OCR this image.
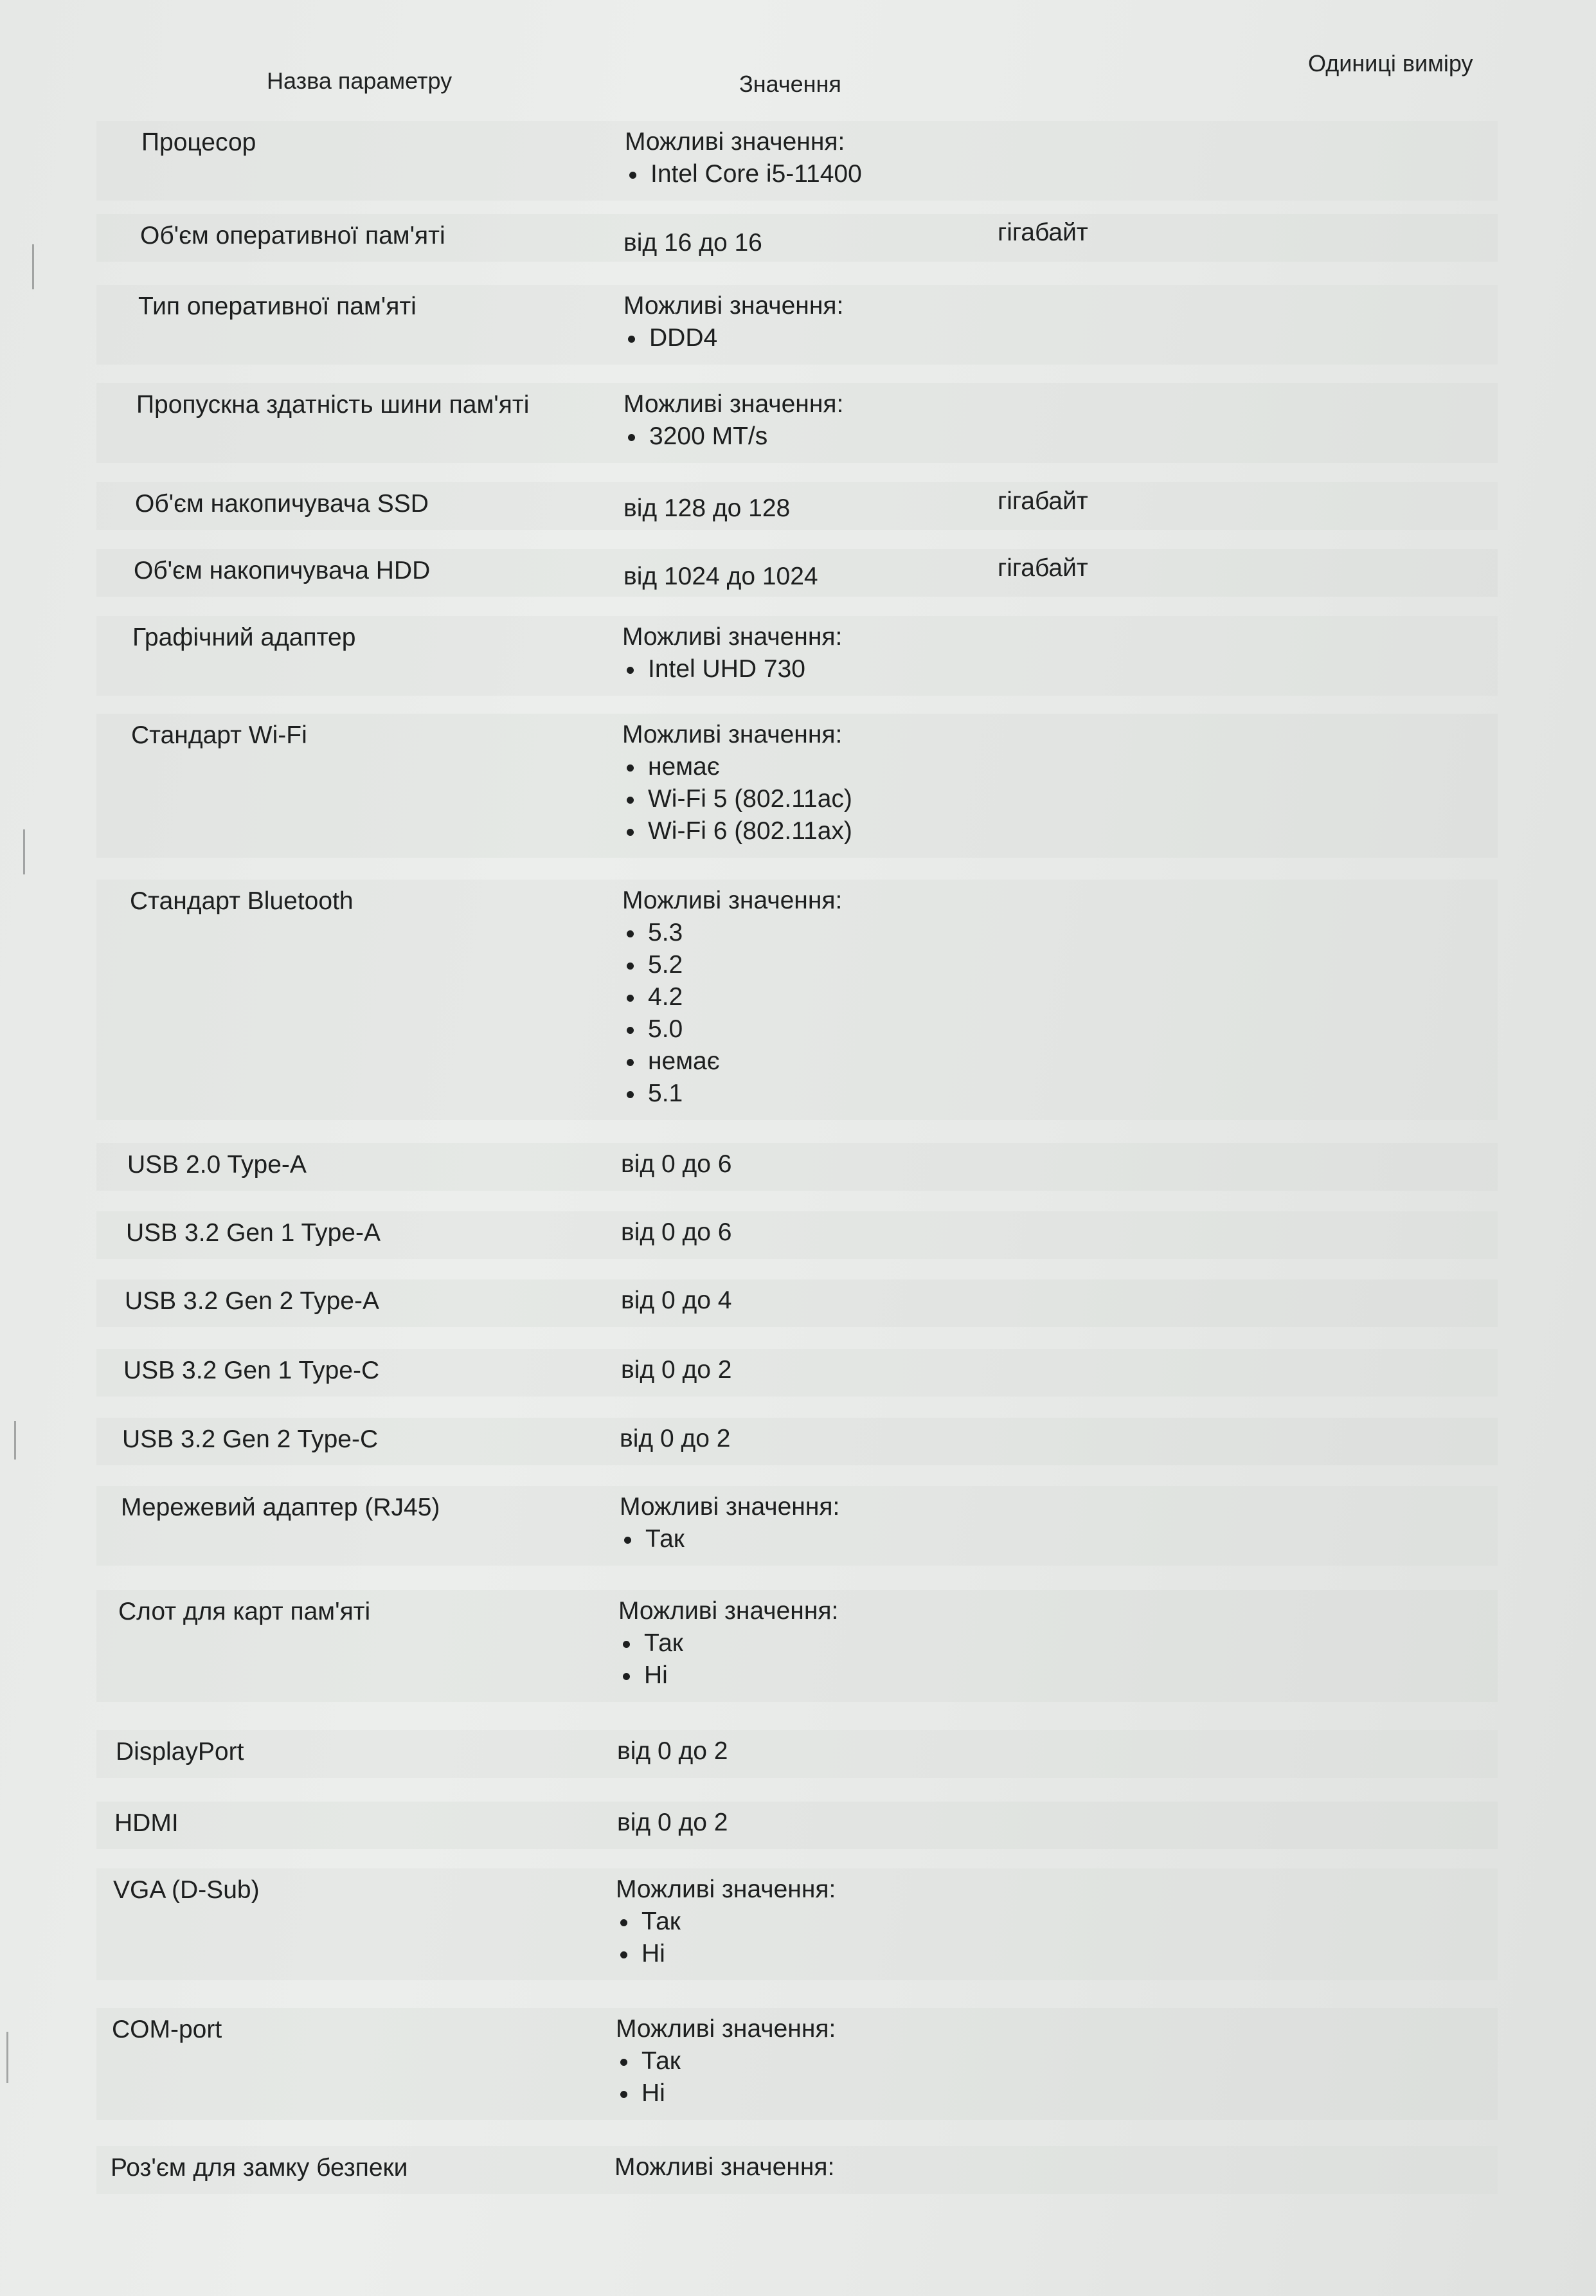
Назва параметру	Значення
Одиниці виміру
Процесор	Можливі значення:
Intel Core i5-11400
Об'єм оперативної пам'яті	від 16 до 16	гігабайт
Тип оперативної пам'яті	Можливі значення:
DDD4
Пропускна здатність шини пам'яті	Можливі значення:
3200 MT/s
Об'єм накопичувача SSD	від 128 до 128	гігабайт
Об'єм накопичувача HDD	від 1024 до 1024	гігабайт
Графічний адаптер	Можливі значення:
Intel UHD 730
Стандарт Wi-Fi	Можливі значення:
немає
Wi-Fi 5 (802.11ac)
Wi-Fi 6 (802.11ax)
Стандарт Bluetooth	Можливі значення:
5.3
5.2
4.2
5.0
немає
5.1
USB 2.0 Type-A	від 0 до 6
USB 3.2 Gen 1 Type-A	від 0 до 6
USB 3.2 Gen 2 Type-A	від 0 до 4
USB 3.2 Gen 1 Type-C	від 0 до 2
USB 3.2 Gen 2 Type-C	від 0 до 2
Мережевий адаптер (RJ45)	Можливі значення:
Так
Слот для карт пам'яті	Можливі значення:
Так
Ні
DisplayPort	від 0 до 2
HDMI	від 0 до 2
VGA (D-Sub)	Можливі значення:
Так
Ні
COM-port	Можливі значення:
Так
Ні
Роз'єм для замку безпеки	Можливі значення:
